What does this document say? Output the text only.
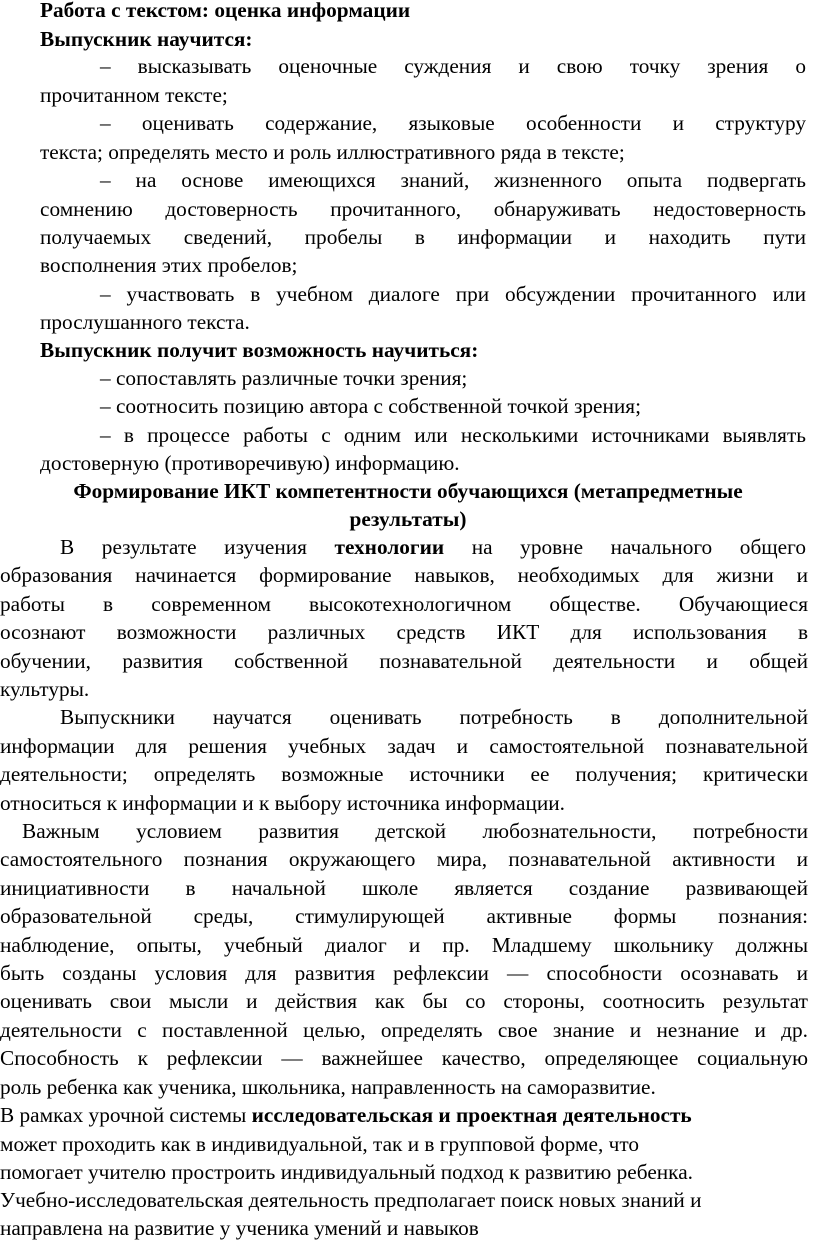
Работа с текстом: оценка информации
Выпускник научится:
– высказывать оценочные суждения и свою точку зрения о
прочитанном тексте;
– оценивать содержание, языковые особенности и структуру
текста; определять место и роль иллюстративного ряда в тексте;
– на основе имеющихся знаний, жизненного опыта подвергать
сомнению достоверность прочитанного, обнаруживать недостоверность
получаемых сведений, пробелы в информации и находить пути
восполнения этих пробелов;
– участвовать в учебном диалоге при обсуждении прочитанного или
прослушанного текста.
Выпускник получит возможность научиться:
– сопоставлять различные точки зрения;
– соотносить позицию автора с собственной точкой зрения;
– в процессе работы с одним или несколькими источниками выявлять
достоверную (противоречивую) информацию.
Формирование ИКТ компетентности обучающихся (метапредметные
результаты)
В результате изучения технологии на уровне начального общего
образования начинается формирование навыков, необходимых для жизни и
работы в современном высокотехнологичном обществе. Обучающиеся
осознают возможности различных средств ИКТ для использования в
обучении, развития собственной познавательной деятельности и общей
культуры.
Выпускники научатся оценивать потребность в дополнительной
информации для решения учебных задач и самостоятельной познавательной
деятельности; определять возможные источники ее получения; критически
относиться к информации и к выбору источника информации.
Важным условием развития детской любознательности, потребности
самостоятельного познания окружающего мира, познавательной активности и
инициативности в начальной школе является создание развивающей
образовательной среды, стимулирующей активные формы познания:
наблюдение, опыты, учебный диалог и пр. Младшему школьнику должны
быть созданы условия для развития рефлексии — способности осознавать и
оценивать свои мысли и действия как бы со стороны, соотносить результат
деятельности с поставленной целью, определять свое знание и незнание и др.
Способность к рефлексии — важнейшее качество, определяющее социальную
роль ребенка как ученика, школьника, направленность на саморазвитие.
В рамках урочной системы исследовательская и проектная деятельность
может проходить как в индивидуальной, так и в групповой форме, что
помогает учителю простроить индивидуальный подход к развитию ребенка.
Учебно-исследовательская деятельность предполагает поиск новых знаний и
направлена на развитие у ученика умений и навыков
